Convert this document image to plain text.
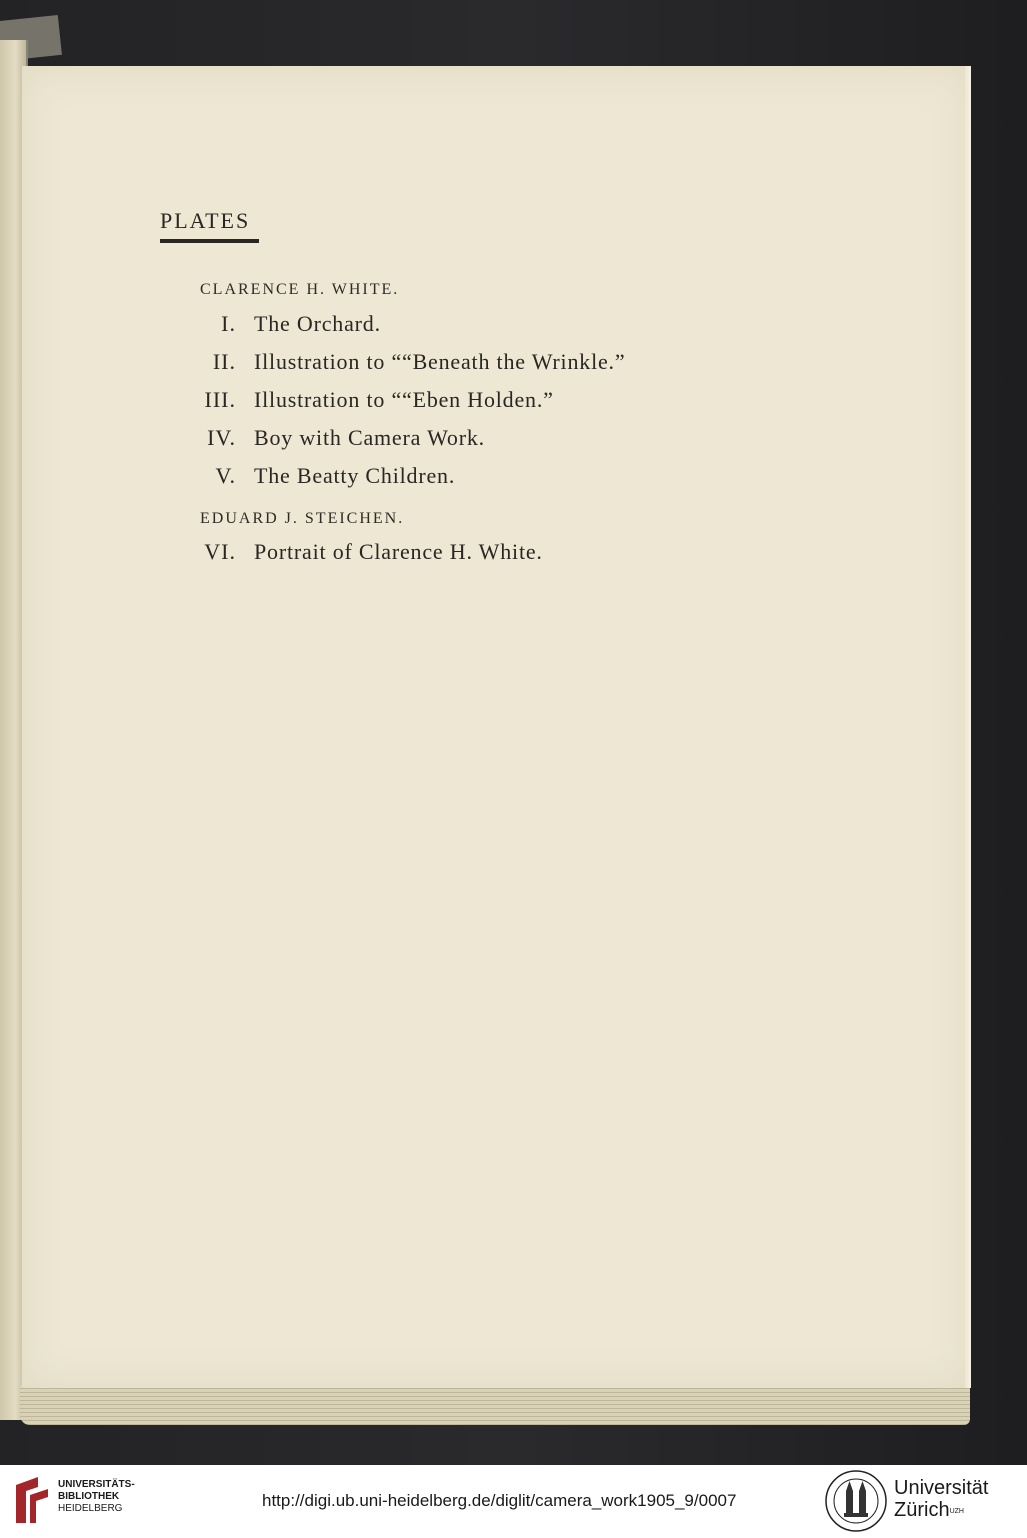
PLATES
CLARENCE H. WHITE.
I. The Orchard.
II. Illustration to ““Beneath the Wrinkle.”
III. Illustration to ““Eben Holden.”
IV. Boy with Camera Work.
V. The Beatty Children.
EDUARD J. STEICHEN.
VI. Portrait of Clarence H. White.
UNIVERSITÄTS-
BIBLIOTHEK
HEIDELBERG	http://digi.ub.uni-heidelberg.de/diglit/camera_work1905_9/0007
Universität
Zürich$^{UZH}$
